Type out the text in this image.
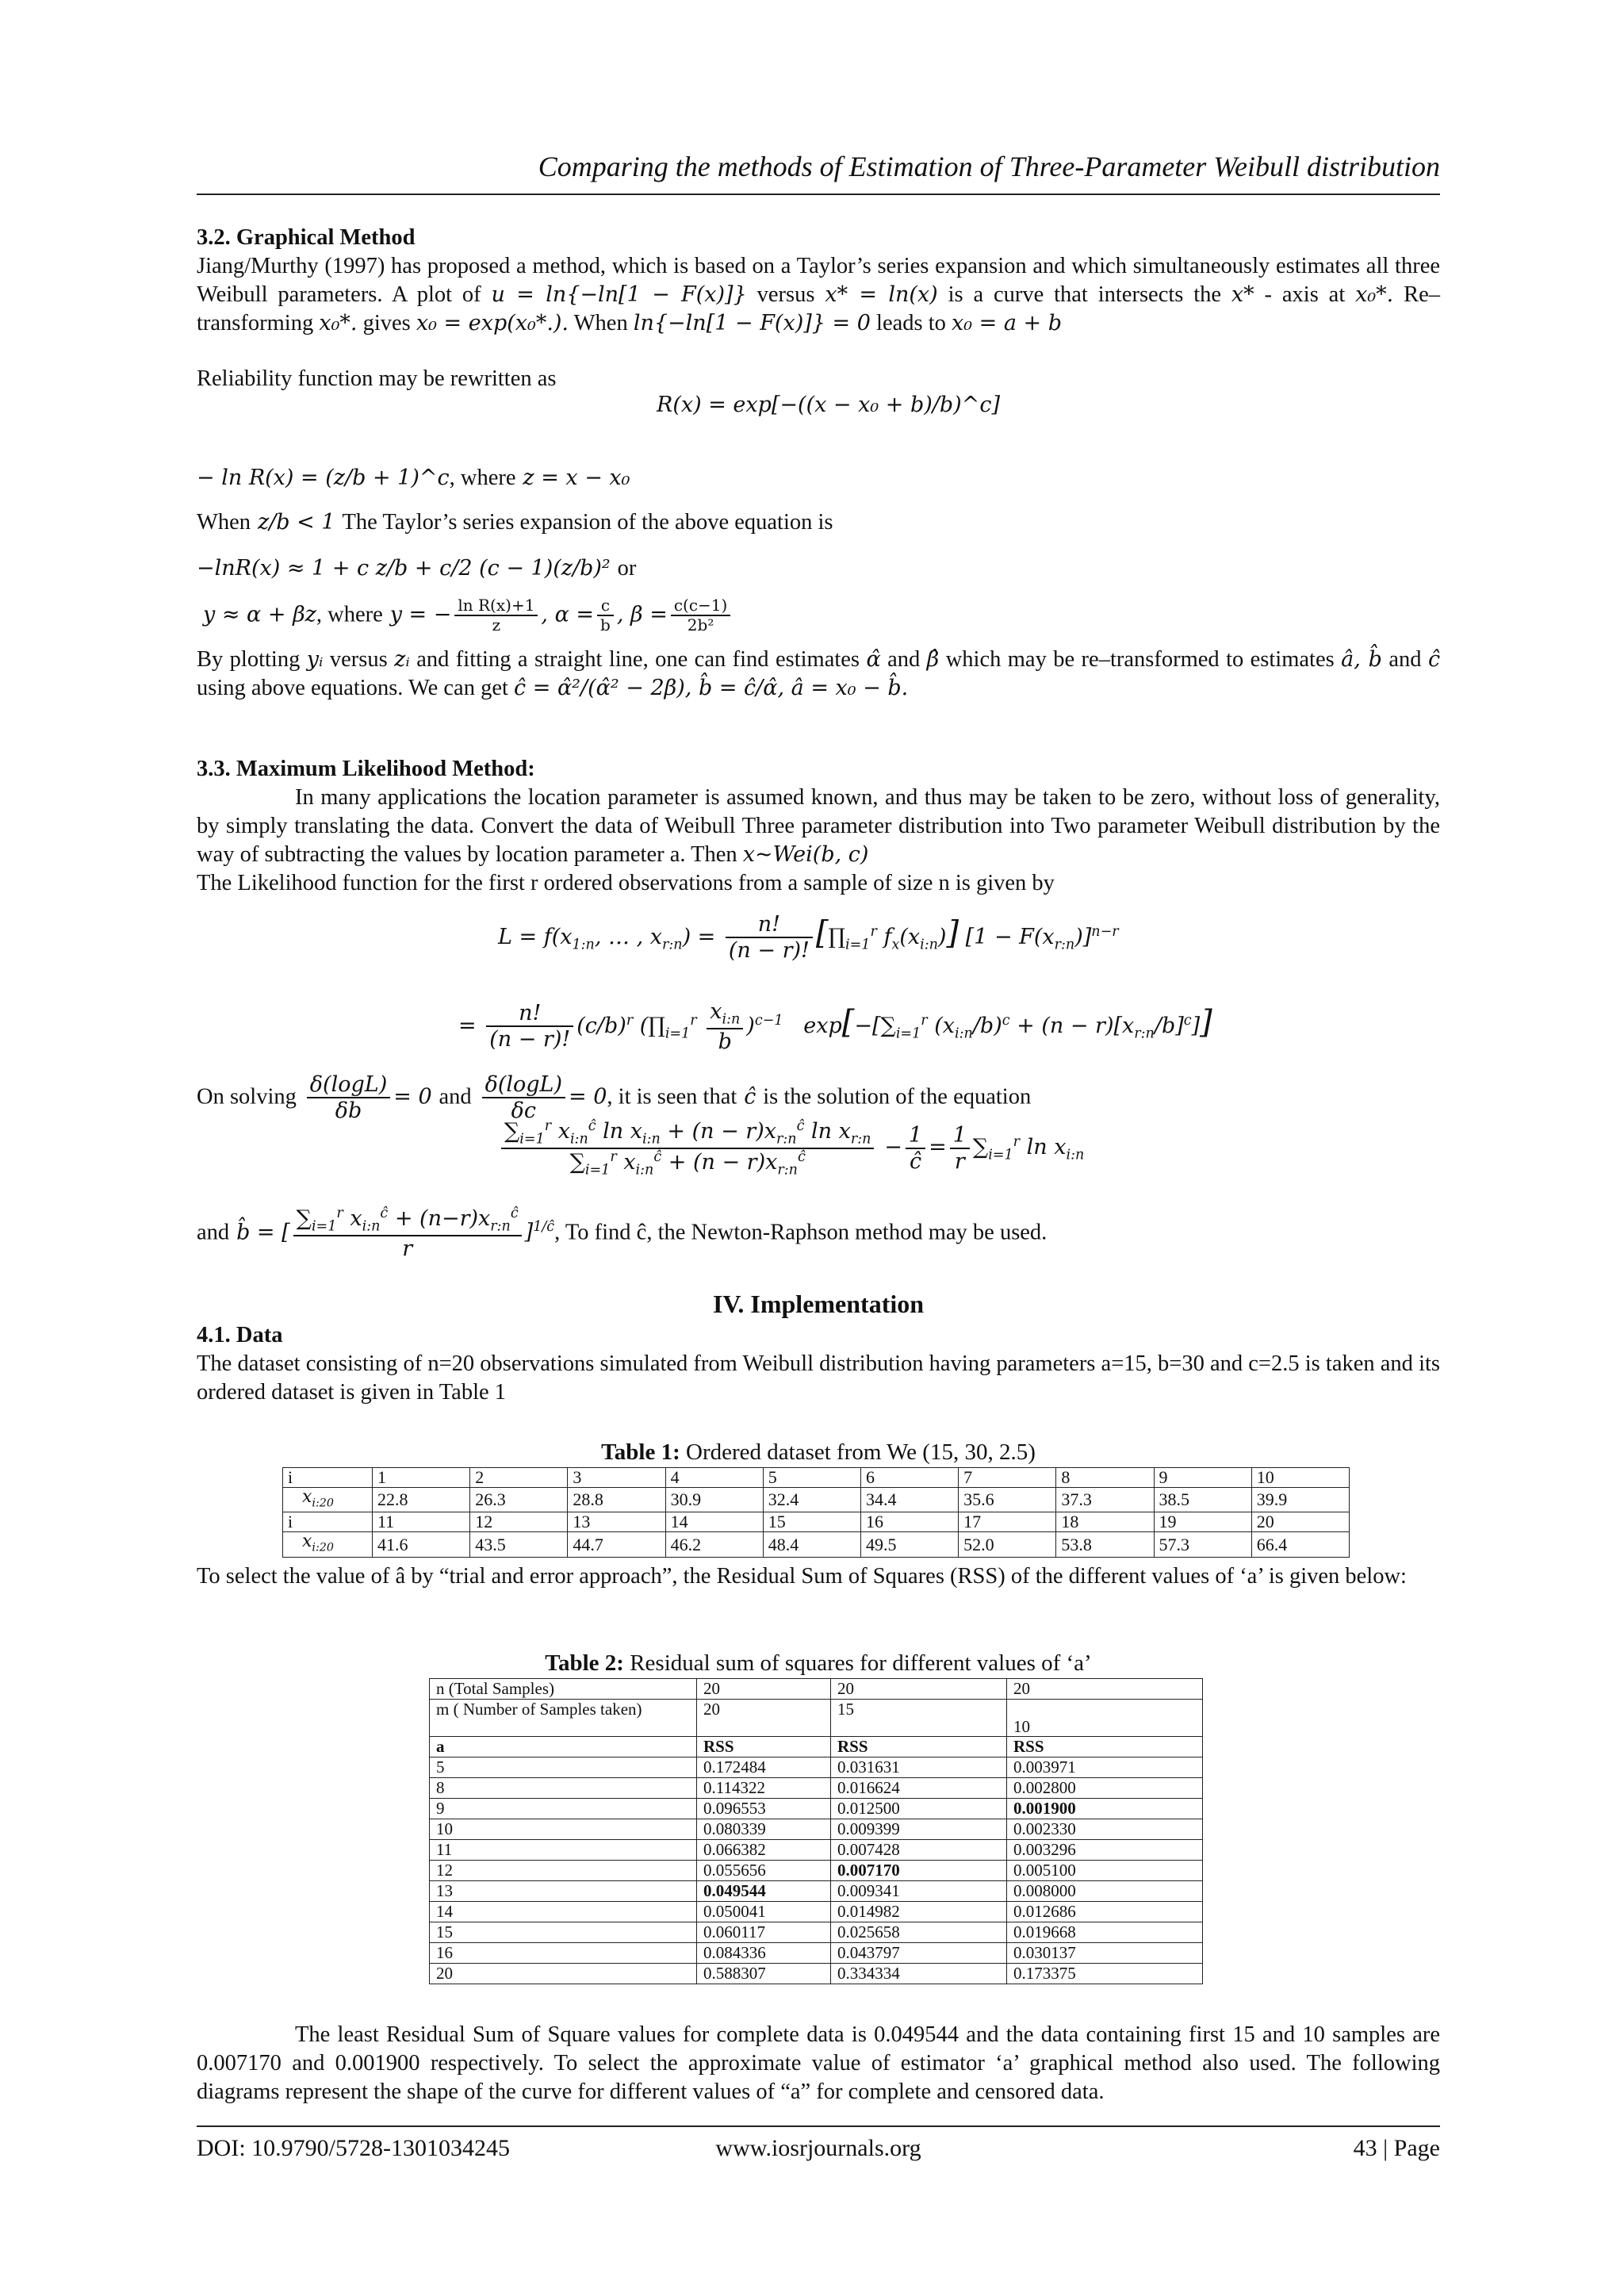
Comparing the methods of Estimation of Three-Parameter Weibull distribution

3.2. Graphical Method

Jiang/Murthy (1997) has proposed a method, which is based on a Taylor’s series expansion and which simultaneously estimates all three Weibull parameters. A plot of u = ln{−ln[1 − F(x)]} versus x* = ln(x) is a curve that intersects the x* - axis at x₀*. Re–transforming x₀*. gives x₀ = exp(x₀*.). When ln{−ln[1 − F(x)]} = 0 leads to x₀ = a + b

Reliability function may be rewritten as

R(x) = exp[−((x − x₀ + b)/b)^c]
− ln R(x) = (z/b + 1)^c, where z = x − x₀
When z/b < 1 The Taylor’s series expansion of the above equation is
−lnR(x) ≈ 1 + c z/b + c/2 (c − 1)(z/b)² or
y ≈ α + βz, where y = − $\frac{\text{ln R(x)+1}}{z}$ , $\alpha = \frac{c}{b}$ , $\beta = \frac{c(c-1)}{\text{2b²}}$

By plotting yᵢ versus zᵢ and fitting a straight line, one can find estimates α̂ and β̂ which may be re–transformed to estimates â, b̂ and ĉ using above equations. We can get ĉ = α̂²/(α̂² − 2β), b̂ = ĉ/α̂, â = x₀ − b̂.

3.3. Maximum Likelihood Method:

In many applications the location parameter is assumed known, and thus may be taken to be zero, without loss of generality, by simply translating the data. Convert the data of Weibull Three parameter distribution into Two parameter Weibull distribution by the way of subtracting the values by location parameter a. Then x~Wei(b, c)

The Likelihood function for the first r ordered observations from a sample of size n is given by

$L = f(x_{1:n}$, … , $x_{r:n}) = \frac{n!}{(n - r)!}$ [$\prod_{i=1}^r$ $f_x(x_{i:n})$] $[1 - F(x_{r:n})]^{n-r}$
= $\frac{n!}{(n - r)!} (c/b)^r$ $(\prod_{i=1}^r \frac{x_{i:n}}{b} )^{c-1}$   $\exp[-[\sum_{i=1}^r$ $(x_{i:n}/b)^c + (n - r)[x_{r:n}/b]^c$]]
On solving $\frac{\delta(\log L)}{\delta b} = 0$ and $\frac{\delta(\log L)}{\delta c} = 0$, it is seen that ĉ is the solution of the equation
$\frac{\sum_{i=1}^r x_{i:n}^ĉ \ln x_{i:n} + (n - r)x_{r:n}^ĉ \ln x_{r:n}}{\sum_{i=1}^r x_{i:n}^ĉ + (n - r)x_{r:n}^ĉ} - \frac{1}{ĉ} = \frac{1}{r} \sum_{i=1}^r$ $\ln x_{i:n}$
and b̂ = [ $\frac{\sum_{i=1}^r x_{i:n}^ĉ + (n-r)x_{r:n}^ĉ}{r} ]^{1/ĉ}$, To find ĉ, the Newton-Raphson method may be used.
IV. Implementation

4.1. Data

The dataset consisting of n=20 observations simulated from Weibull distribution having parameters a=15, b=30 and c=2.5 is taken and its ordered dataset is given in Table 1

Table 1: Ordered dataset from We (15, 30, 2.5)
i	1	2	3	4	5	6	7	8	9	10
$x_{i:20}$	22.8	26.3	28.8	30.9	32.4	34.4	35.6	37.3	38.5	39.9
i	11	12	13	14	15	16	17	18	19	20
$x_{i:20}$	41.6	43.5	44.7	46.2	48.4	49.5	52.0	53.8	57.3	66.4

To select the value of â by “trial and error approach”, the Residual Sum of Squares (RSS) of the different values of ‘a’ is given below:

Table 2: Residual sum of squares for different values of ‘a’
n (Total Samples)	20	20	20
m ( Number of Samples taken)	20	15	10
a	RSS	RSS	RSS
5	0.172484	0.031631	0.003971
8	0.114322	0.016624	0.002800
9	0.096553	0.012500	0.001900
10	0.080339	0.009399	0.002330
11	0.066382	0.007428	0.003296
12	0.055656	0.007170	0.005100
13	0.049544	0.009341	0.008000
14	0.050041	0.014982	0.012686
15	0.060117	0.025658	0.019668
16	0.084336	0.043797	0.030137
20	0.588307	0.334334	0.173375

The least Residual Sum of Square values for complete data is 0.049544 and the data containing first 15 and 10 samples are 0.007170 and 0.001900 respectively. To select the approximate value of estimator ‘a’ graphical method also used. The following diagrams represent the shape of the curve for different values of “a” for complete and censored data.

DOI: 10.9790/5728-1301034245	www.iosrjournals.org	43 | Page
